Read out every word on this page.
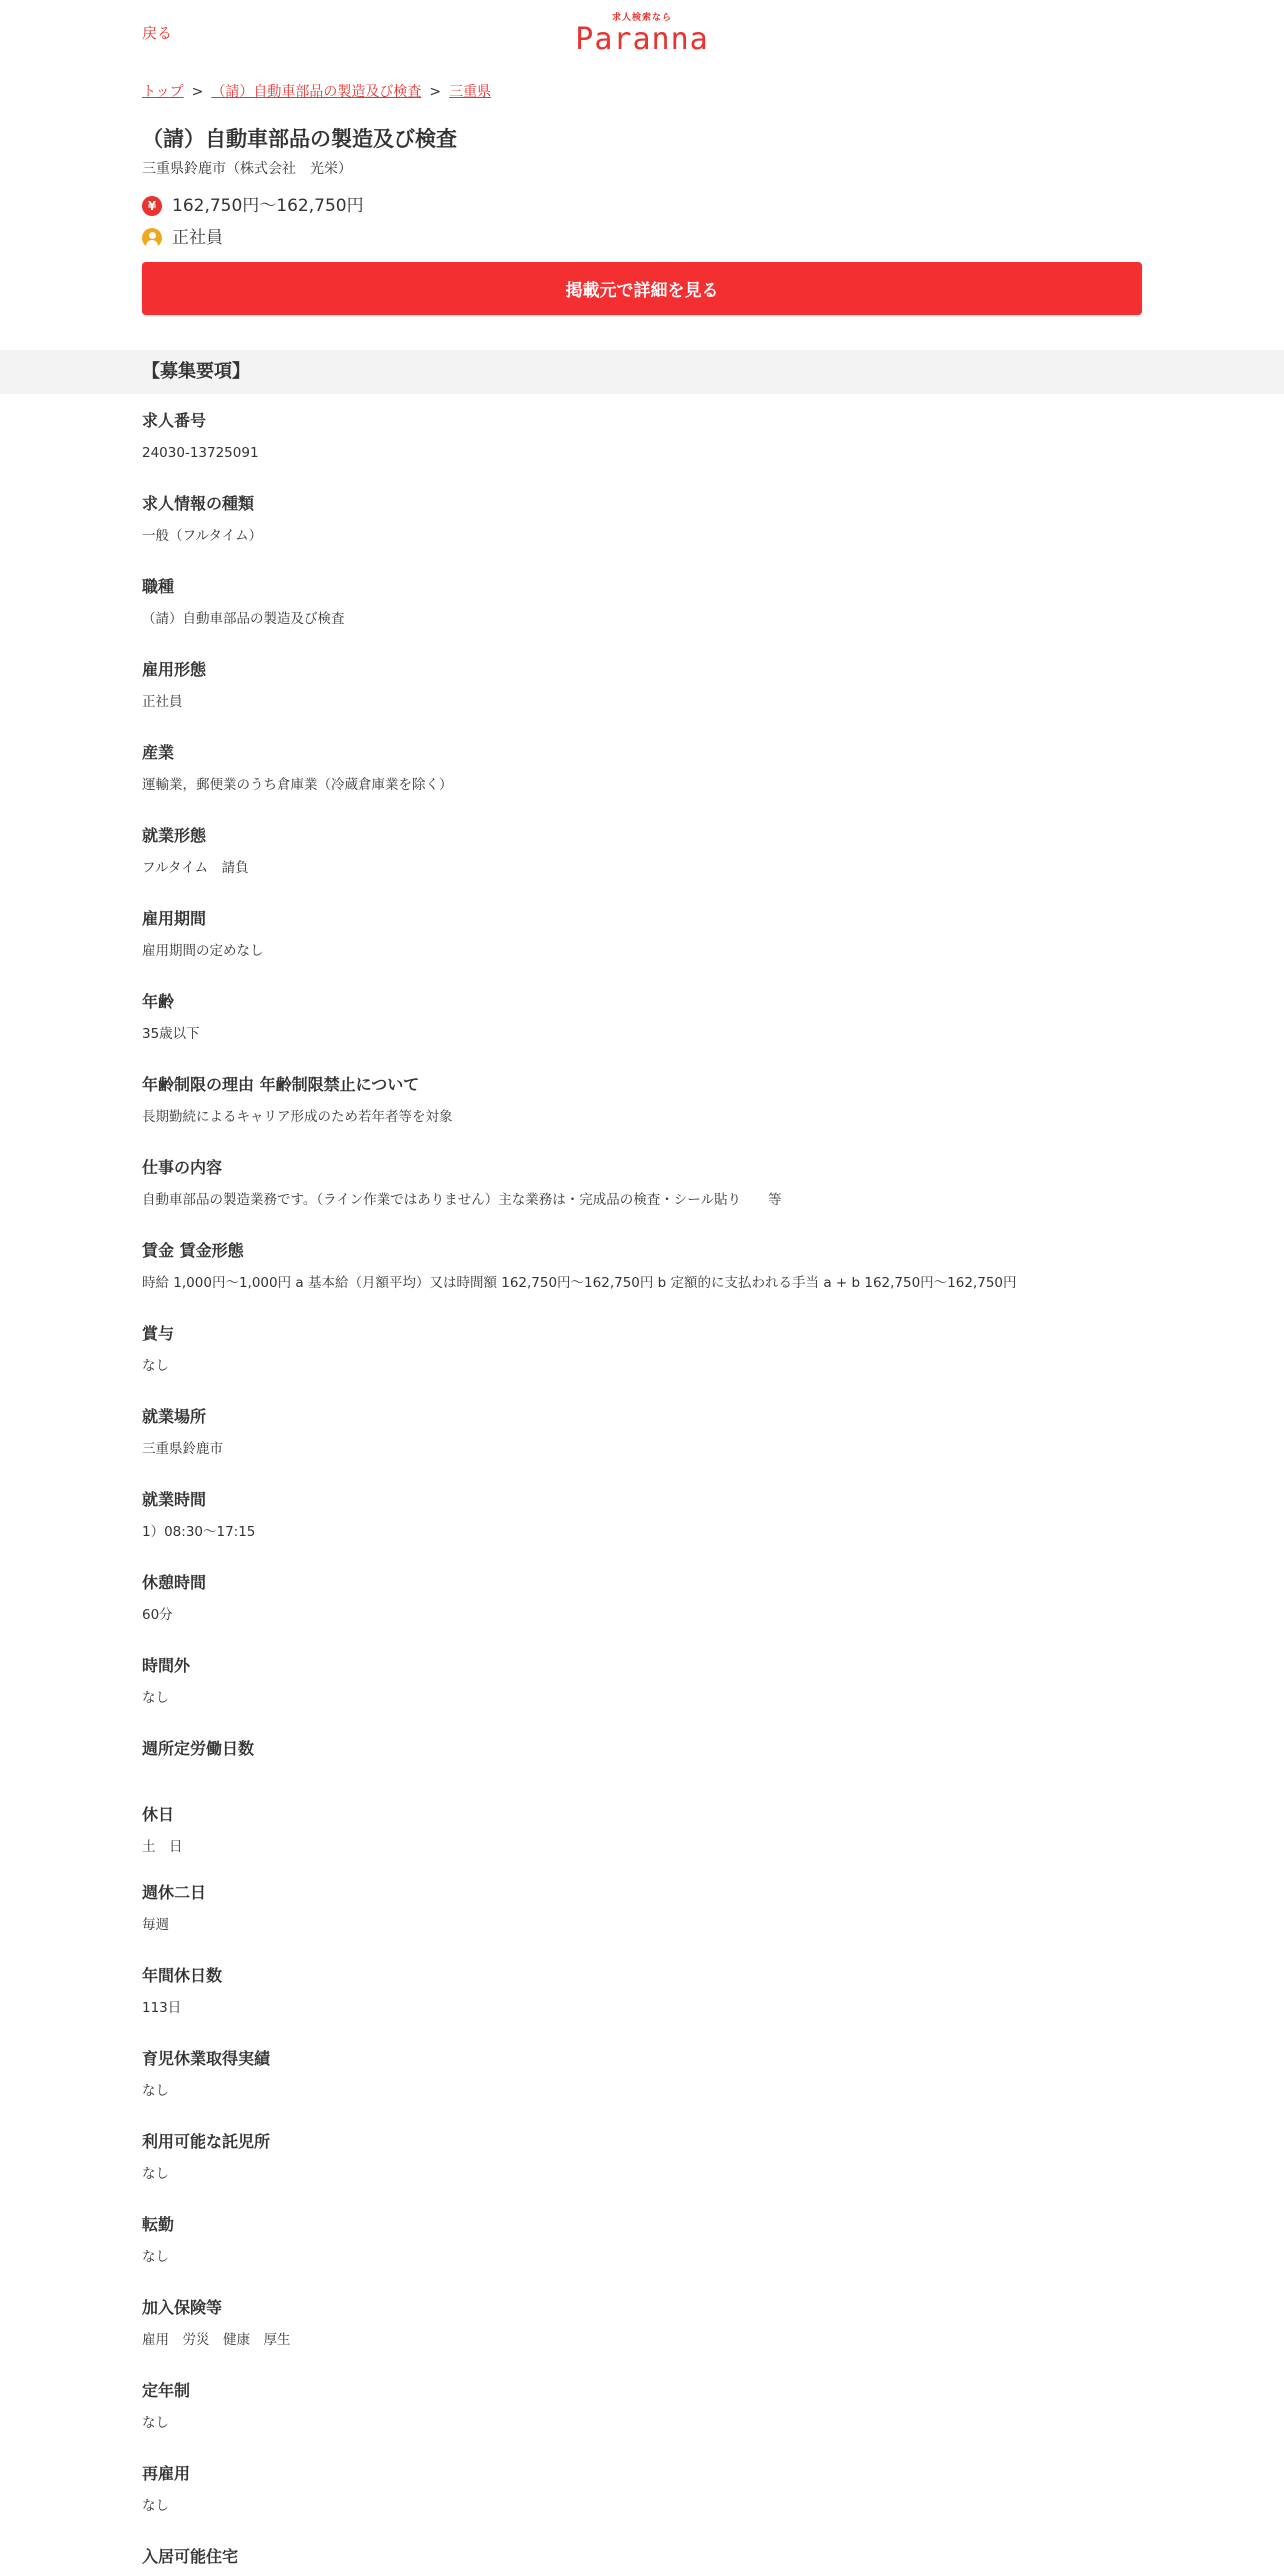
戻る
求人検索なら
Paranna
トップ > （請）自動車部品の製造及び検査 > 三重県
（請）自動車部品の製造及び検査
三重県鈴鹿市（株式会社　光栄）
¥ 162,750円～162,750円
正社員
掲載元で詳細を見る
【募集要項】
求人番号
24030-13725091
求人情報の種類
一般（フルタイム）
職種
（請）自動車部品の製造及び検査
雇用形態
正社員
産業
運輸業，郵便業のうち倉庫業（冷蔵倉庫業を除く）
就業形態
フルタイム　請負
雇用期間
雇用期間の定めなし
年齢
35歳以下
年齢制限の理由 年齢制限禁止について
長期勤続によるキャリア形成のため若年者等を対象
仕事の内容
自動車部品の製造業務です。（ライン作業ではありません）主な業務は・完成品の検査・シール貼り　　等
賃金 賃金形態
時給 1,000円～1,000円 a 基本給（月額平均）又は時間額 162,750円～162,750円 b 定額的に支払われる手当 a + b 162,750円～162,750円
賞与
なし
就業場所
三重県鈴鹿市
就業時間
1）08:30～17:15
休憩時間
60分
時間外
なし
週所定労働日数
休日
土　日
週休二日
毎週
年間休日数
113日
育児休業取得実績
なし
利用可能な託児所
なし
転勤
なし
加入保険等
雇用　労災　健康　厚生
定年制
なし
再雇用
なし
入居可能住宅
